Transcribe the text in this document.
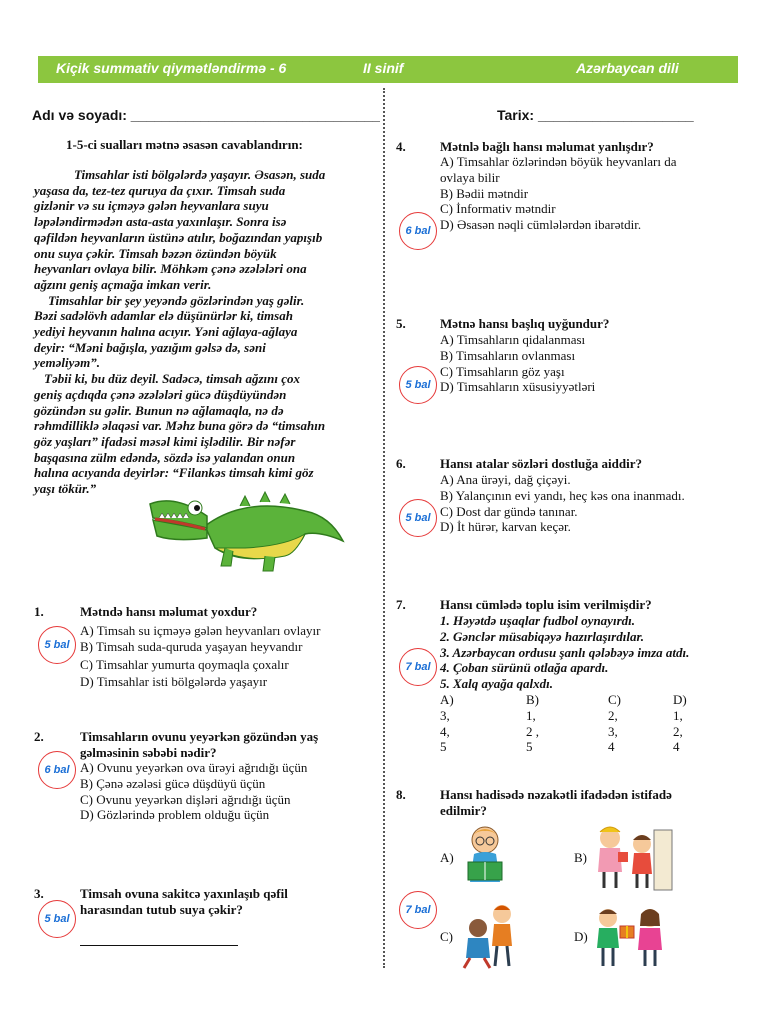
Kiçik summativ qiymətləndirmə - 6	II sinif	Azərbaycan dili
Adı və soyadı: ________________________________	Tarix: ____________________
1-5-ci sualları mətnə əsasən cavablandırın:
Timsahlar isti bölgələrdə yaşayır. Əsasən, suda
yaşasa da, tez-tez quruya da çıxır. Timsah suda
gizlənir və su içməyə gələn heyvanlara suyu
ləpələndirmədən asta-asta yaxınlaşır. Sonra isə
qəfildən heyvanların üstünə atılır, boğazından yapışıb
onu suya çəkir. Timsah bəzən özündən böyük
heyvanları ovlaya bilir. Möhkəm çənə əzələləri ona
ağzını geniş açmağa imkan verir.
Timsahlar bir şey yeyəndə gözlərindən yaş gəlir.
Bəzi sadəlövh adamlar elə düşünürlər ki, timsah
yediyi heyvanın halına acıyır. Yəni ağlaya-ağlaya
deyir: “Məni bağışla, yazığım gəlsə də, səni
yeməliyəm”.
Təbii ki, bu düz deyil. Sadəcə, timsah ağzını çox
geniş açdıqda çənə əzələləri gücə düşdüyündən
gözündən su gəlir. Bunun nə ağlamaqla, nə də
rəhmdilliklə əlaqəsi var. Məhz buna görə də “timsahın
göz yaşları” ifadəsi məsəl kimi işlədilir. Bir nəfər
başqasına zülm edəndə, sözdə isə yalandan onun
halına acıyanda deyirlər: “Filankəs timsah kimi göz
yaşı tökür.”
1.	Mətndə hansı məlumat yoxdur?
5 bal
A) Timsah su içməyə gələn heyvanları ovlayır
B) Timsah suda-quruda yaşayan heyvandır
C) Timsahlar yumurta qoymaqla çoxalır
D) Timsahlar isti bölgələrdə yaşayır
2.	Timsahların ovunu yeyərkən gözündən yaş
gəlməsinin səbəbi nədir?
6 bal A) Ovunu yeyərkən ova ürəyi ağrıdığı üçün
B) Çənə əzələsi gücə düşdüyü üçün
C) Ovunu yeyərkən dişləri ağrıdığı üçün
D) Gözlərində problem olduğu üçün
3.	Timsah ovuna sakitcə yaxınlaşıb qəfil
harasından tutub suya çəkir?
5 bal
4.	Mətnlə bağlı hansı məlumat yanlışdır?
A) Timsahlar özlərindən böyük heyvanları da
ovlaya bilir
B) Bədii mətndir
C) İnformativ mətndir
D) Əsasən nəqli cümlələrdən ibarətdir.
6 bal
5.	Mətnə hansı başlıq uyğundur?
A) Timsahların qidalanması
B) Timsahların ovlanması
C) Timsahların göz yaşı
D) Timsahların xüsusiyyətləri
5 bal
6.	Hansı atalar sözləri dostluğa aiddir?
A) Ana ürəyi, dağ çiçəyi.
B) Yalançının evi yandı, heç kəs ona inanmadı.
C) Dost dar gündə tanınar.
D) İt hürər, karvan keçər.
5 bal
7.	Hansı cümlədə toplu isim verilmişdir?
1. Həyətdə uşaqlar fudbol oynayırdı.
2. Gənclər müsabiqəyə hazırlaşırdılar.
3. Azərbaycan ordusu şanlı qələbəyə imza atdı.
4. Çoban sürünü otlağa apardı.
5. Xalq ayağa qalxdı.
A) 3, 4, 5
B) 1, 2 , 5
C) 2, 3, 4
D) 1, 2, 4
7 bal
8.	Hansı hadisədə nəzakətli ifadədən istifadə
edilmir?
7 bal
A)	B)
C)	D)
